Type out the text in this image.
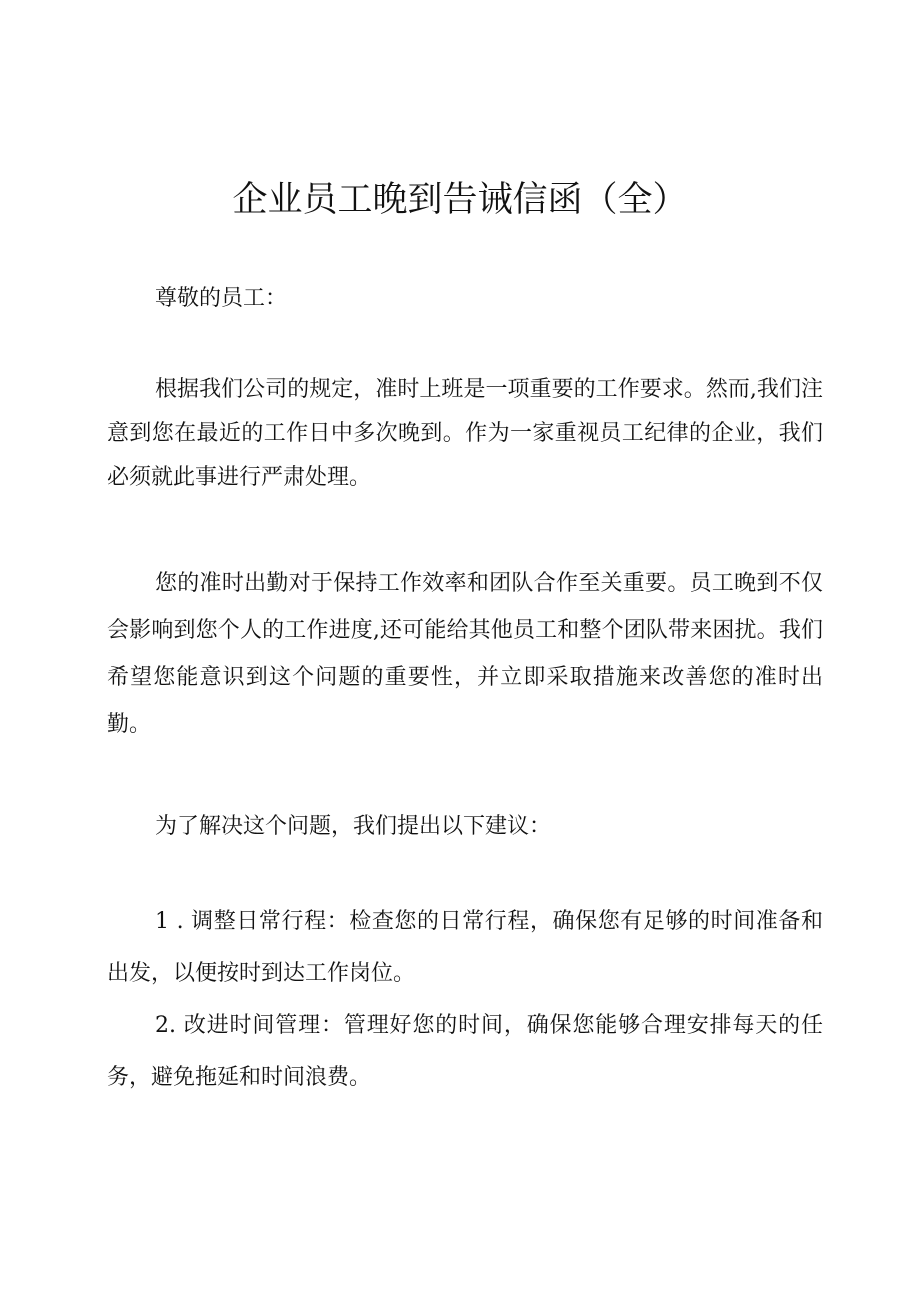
企业员工晚到告诫信函（全）

尊敬的员工：

根据我们公司的规定，准时上班是一项重要的工作要求。然而,我们注意到您在最近的工作日中多次晚到。作为一家重视员工纪律的企业，我们必须就此事进行严肃处理。

您的准时出勤对于保持工作效率和团队合作至关重要。员工晚到不仅会影响到您个人的工作进度,还可能给其他员工和整个团队带来困扰。我们希望您能意识到这个问题的重要性，并立即采取措施来改善您的准时出勤。

为了解决这个问题，我们提出以下建议：

1 . 调整日常行程：检查您的日常行程，确保您有足够的时间准备和出发，以便按时到达工作岗位。

2. 改进时间管理：管理好您的时间，确保您能够合理安排每天的任务，避免拖延和时间浪费。
